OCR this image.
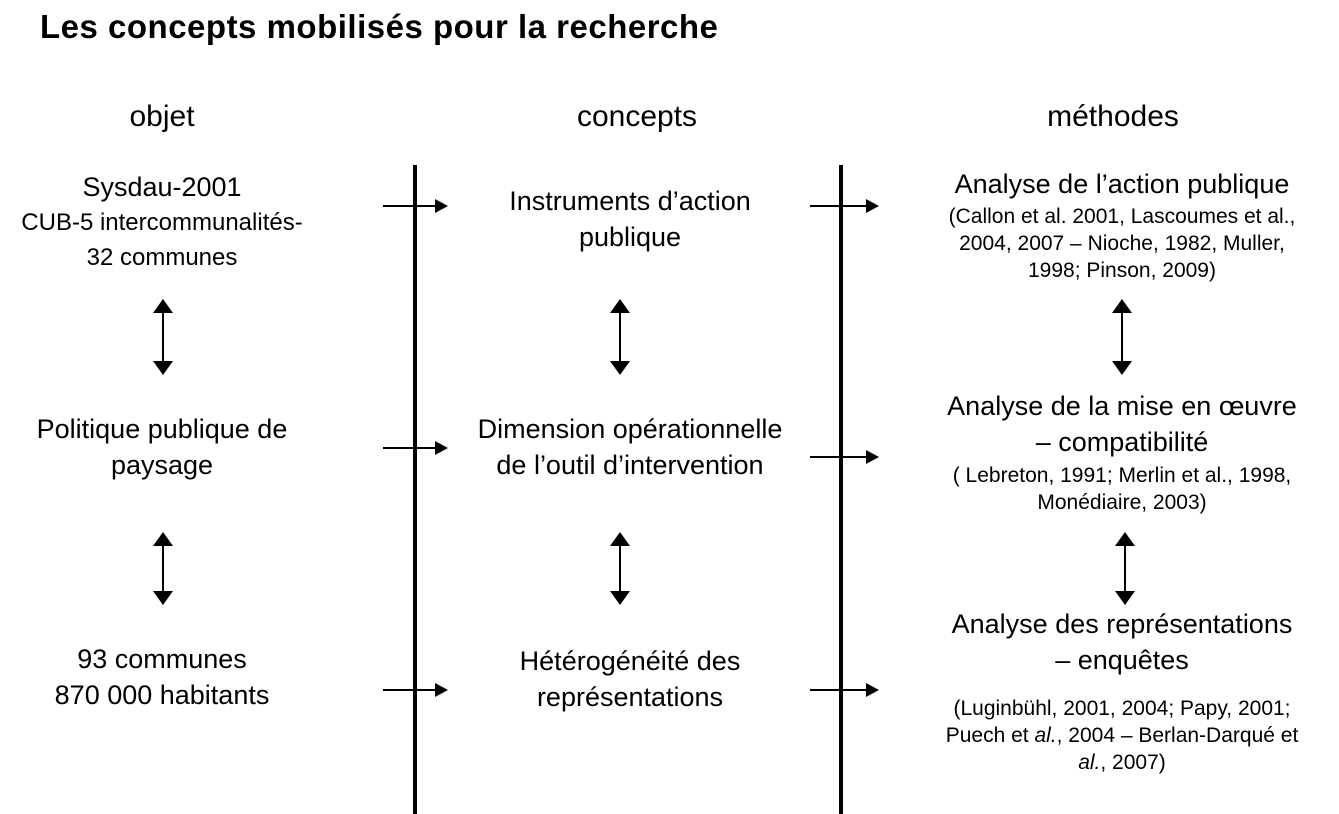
Les concepts mobilisés pour la recherche
objet	concepts	méthodes
Sysdau-2001
CUB-5 intercommunalités-
32 communes
Instruments d’action
publique
Analyse de l’action publique
(Callon et al. 2001, Lascoumes et al.,
2004, 2007 – Nioche, 1982, Muller,
1998; Pinson, 2009)
Politique publique de
paysage
Dimension opérationnelle
de l’outil d’intervention
Analyse de la mise en œuvre
– compatibilité
( Lebreton, 1991; Merlin et al., 1998,
Monédiaire, 2003)
93 communes
870 000 habitants
Hétérogénéité des
représentations
Analyse des représentations
– enquêtes
(Luginbühl, 2001, 2004; Papy, 2001;
Puech et al., 2004 – Berlan-Darqué et
al., 2007)
